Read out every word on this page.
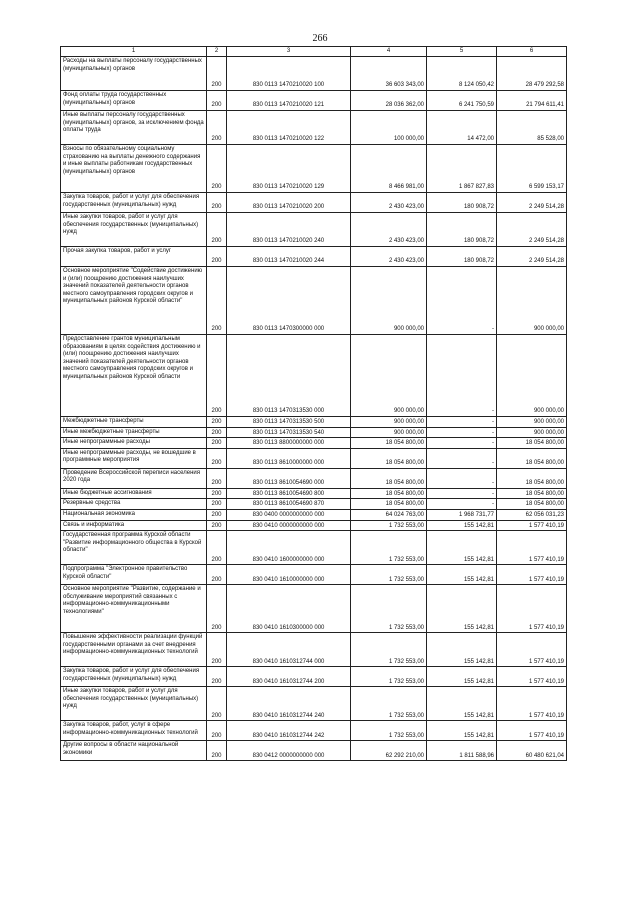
266
1	2	3	4	5	6
Расходы на выплаты персоналу государственных (муниципальных) органов	200	830 0113 1470210020 100	36 603 343,00	8 124 050,42	28 479 292,58
Фонд оплаты труда государственных (муниципальных) органов	200	830 0113 1470210020 121	28 036 362,00	6 241 750,59	21 794 611,41
Иные выплаты персоналу государственных (муниципальных) органов, за исключением фонда оплаты труда	200	830 0113 1470210020 122	100 000,00	14 472,00	85 528,00
Взносы по обязательному социальному страхованию на выплаты денежного содержания и иные выплаты работникам государственных (муниципальных) органов	200	830 0113 1470210020 129	8 466 981,00	1 867 827,83	6 599 153,17
Закупка товаров, работ и услуг для обеспечения государственных (муниципальных) нужд	200	830 0113 1470210020 200	2 430 423,00	180 908,72	2 249 514,28
Иные закупки товаров, работ и услуг для обеспечения государственных (муниципальных) нужд	200	830 0113 1470210020 240	2 430 423,00	180 908,72	2 249 514,28
Прочая закупка товаров, работ и услуг	200	830 0113 1470210020 244	2 430 423,00	180 908,72	2 249 514,28
Основное мероприятие "Содействие достижению и (или) поощрению достижения наилучших значений показателей деятельности органов местного самоуправления городских округов и муниципальных районов Курской области"	200	830 0113 1470300000 000	900 000,00	-	900 000,00
Предоставление грантов муниципальным образованиям в целях содействия достижению и (или) поощрению достижения наилучших значений показателей деятельности органов местного самоуправления городских округов и муниципальных районов Курской области	200	830 0113 1470313530 000	900 000,00	-	900 000,00
Межбюджетные трансферты	200	830 0113 1470313530 500	900 000,00	-	900 000,00
Иные межбюджетные трансферты	200	830 0113 1470313530 540	900 000,00	-	900 000,00
Иные непрограммные расходы	200	830 0113 8800000000 000	18 054 800,00	-	18 054 800,00
Иные непрограммные расходы, не вошедшие в программные мероприятия	200	830 0113 8610000000 000	18 054 800,00	-	18 054 800,00
Проведение Всероссийской переписи населения 2020 года	200	830 0113 8610054690 000	18 054 800,00	-	18 054 800,00
Иные бюджетные ассигнования	200	830 0113 8610054690 800	18 054 800,00	-	18 054 800,00
Резервные средства	200	830 0113 8610054690 870	18 054 800,00	-	18 054 800,00
Национальная экономика	200	830 0400 0000000000 000	64 024 763,00	1 968 731,77	62 056 031,23
Связь и информатика	200	830 0410 0000000000 000	1 732 553,00	155 142,81	1 577 410,19
Государственная программа Курской области "Развитие информационного общества в Курской области"	200	830 0410 1600000000 000	1 732 553,00	155 142,81	1 577 410,19
Подпрограмма "Электронное правительство Курской области"	200	830 0410 1610000000 000	1 732 553,00	155 142,81	1 577 410,19
Основное мероприятие "Развитие, содержание и обслуживание мероприятий связанных с информационно-коммуникационными технологиями"	200	830 0410 1610300000 000	1 732 553,00	155 142,81	1 577 410,19
Повышение эффективности реализации функций государственными органами за счет внедрения информационно-коммуникационных технологий	200	830 0410 1610312744 000	1 732 553,00	155 142,81	1 577 410,19
Закупка товаров, работ и услуг для обеспечения государственных (муниципальных) нужд	200	830 0410 1610312744 200	1 732 553,00	155 142,81	1 577 410,19
Иные закупки товаров, работ и услуг для обеспечения государственных (муниципальных) нужд	200	830 0410 1610312744 240	1 732 553,00	155 142,81	1 577 410,19
Закупка товаров, работ, услуг в сфере информационно-коммуникационных технологий	200	830 0410 1610312744 242	1 732 553,00	155 142,81	1 577 410,19
Другие вопросы в области национальной экономики	200	830 0412 0000000000 000	62 292 210,00	1 811 588,96	60 480 621,04
